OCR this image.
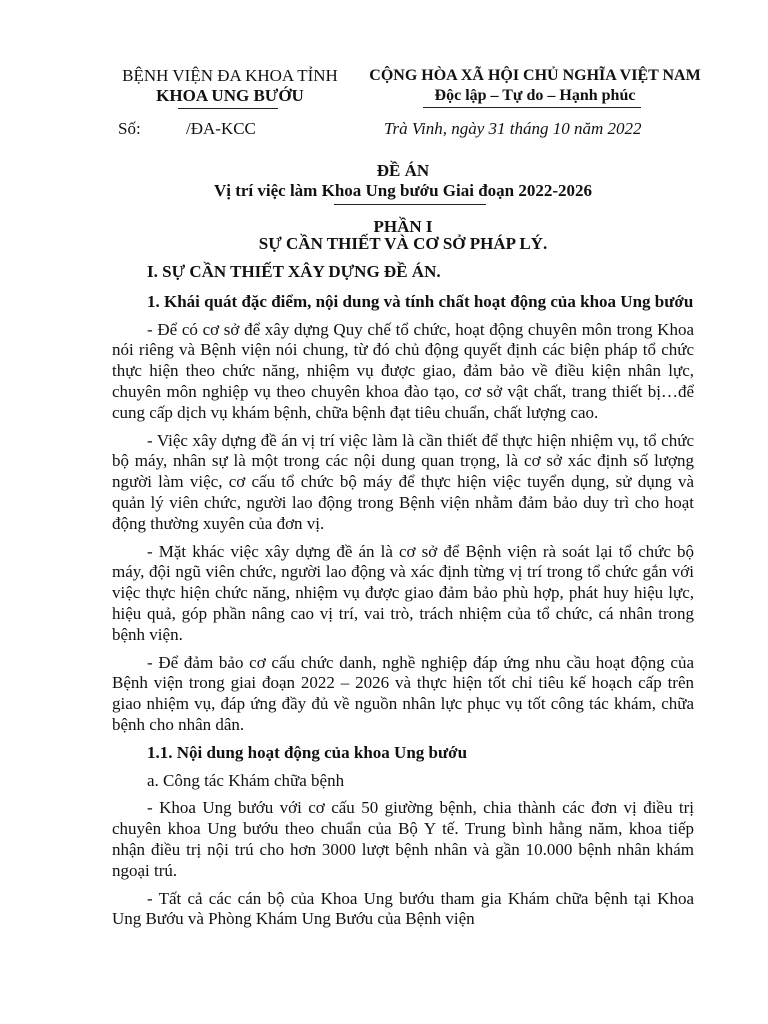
BỆNH VIỆN ĐA KHOA TỈNH
KHOA UNG BƯỚU
CỘNG HÒA XÃ HỘI CHỦ NGHĨA VIỆT NAM
Độc lập – Tự do – Hạnh phúc
Số:	/ĐA-KCC	Trà Vinh, ngày 31 tháng 10 năm 2022
ĐỀ ÁN
Vị trí việc làm Khoa Ung bướu Giai đoạn 2022-2026
PHẦN I
SỰ CẦN THIẾT VÀ CƠ SỞ PHÁP LÝ.

I. SỰ CẦN THIẾT XÂY DỰNG ĐỀ ÁN.

1. Khái quát đặc điểm, nội dung và tính chất hoạt động của khoa Ung bướu

- Để có cơ sở để xây dựng Quy chế tổ chức, hoạt động chuyên môn trong Khoa nói riêng và Bệnh viện nói chung, từ đó chủ động quyết định các biện pháp tổ chức thực hiện theo chức năng, nhiệm vụ được giao, đảm bảo về điều kiện nhân lực, chuyên môn nghiệp vụ theo chuyên khoa đào tạo, cơ sở vật chất, trang thiết bị…để cung cấp dịch vụ khám bệnh, chữa bệnh đạt tiêu chuẩn, chất lượng cao.

- Việc xây dựng đề án vị trí việc làm là cần thiết để thực hiện nhiệm vụ, tổ chức bộ máy, nhân sự là một trong các nội dung quan trọng, là cơ sở xác định số lượng người làm việc, cơ cấu tổ chức bộ máy để thực hiện việc tuyển dụng, sử dụng và quản lý viên chức, người lao động trong Bệnh viện nhằm đảm bảo duy trì cho hoạt động thường xuyên của đơn vị.

- Mặt khác việc xây dựng đề án là cơ sở để Bệnh viện rà soát lại tổ chức bộ máy, đội ngũ viên chức, người lao động và xác định từng vị trí trong tổ chức gắn với việc thực hiện chức năng, nhiệm vụ được giao đảm bảo phù hợp, phát huy hiệu lực, hiệu quả, góp phần nâng cao vị trí, vai trò, trách nhiệm của tổ chức, cá nhân trong bệnh viện.

- Để đảm bảo cơ cấu chức danh, nghề nghiệp đáp ứng nhu cầu hoạt động của Bệnh viện trong giai đoạn 2022 – 2026 và thực hiện tốt chỉ tiêu kế hoạch cấp trên giao nhiệm vụ, đáp ứng đầy đủ về nguồn nhân lực phục vụ tốt công tác khám, chữa bệnh cho nhân dân.

1.1. Nội dung hoạt động của khoa Ung bướu

a. Công tác Khám chữa bệnh

- Khoa Ung bướu với cơ cấu 50 giường bệnh, chia thành các đơn vị điều trị chuyên khoa Ung bướu theo chuẩn của Bộ Y tế. Trung bình hằng năm, khoa tiếp nhận điều trị nội trú cho hơn 3000 lượt bệnh nhân và gần 10.000 bệnh nhân khám ngoại trú.

- Tất cả các cán bộ của Khoa Ung bướu tham gia Khám chữa bệnh tại Khoa Ung Bướu và Phòng Khám Ung Bướu của Bệnh viện
